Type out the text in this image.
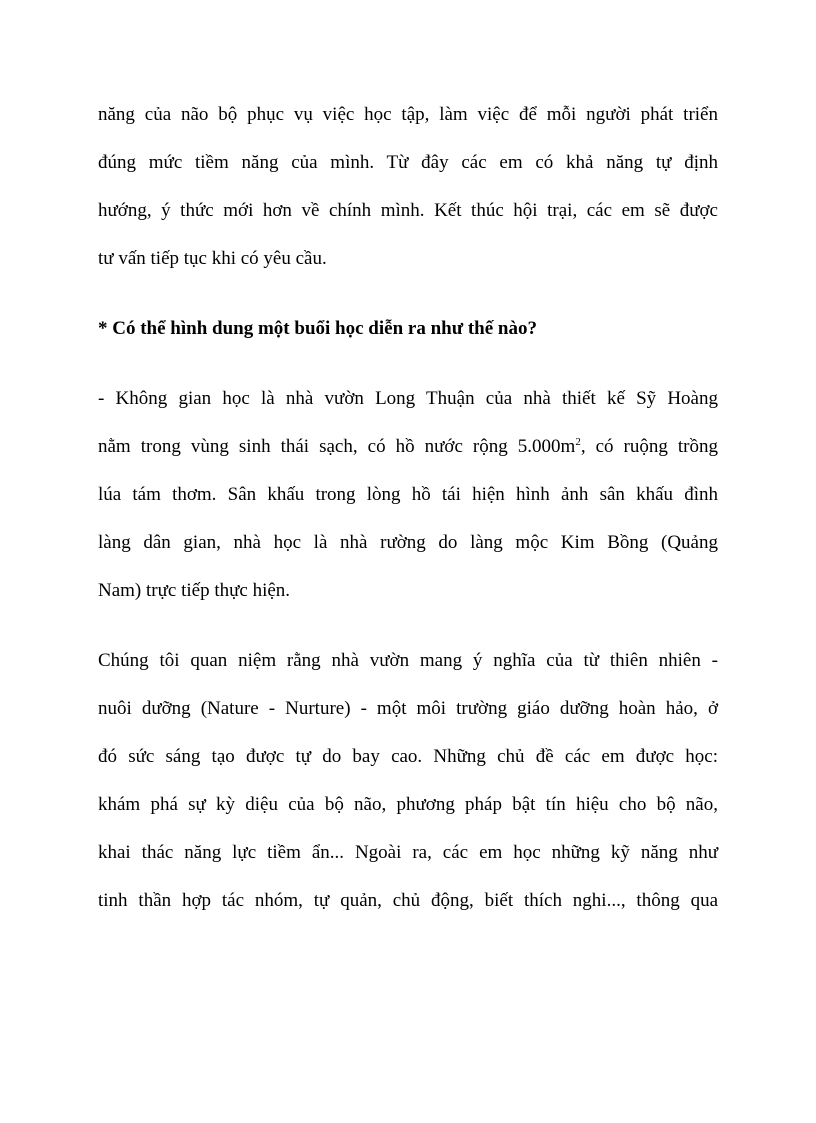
năng của não bộ phục vụ việc học tập, làm việc để mỗi người phát triển
đúng mức tiềm năng của mình. Từ đây các em có khả năng tự định
hướng, ý thức mới hơn về chính mình. Kết thúc hội trại, các em sẽ được
tư vấn tiếp tục khi có yêu cầu.

* Có thể hình dung một buổi học diễn ra như thế nào?

- Không gian học là nhà vườn Long Thuận của nhà thiết kế Sỹ Hoàng
nằm trong vùng sinh thái sạch, có hồ nước rộng $5.000m^2$, có ruộng trồng
lúa tám thơm. Sân khấu trong lòng hồ tái hiện hình ảnh sân khấu đình
làng dân gian, nhà học là nhà rường do làng mộc Kim Bồng (Quảng
Nam) trực tiếp thực hiện.

Chúng tôi quan niệm rằng nhà vườn mang ý nghĩa của từ thiên nhiên -
nuôi dưỡng (Nature - Nurture) - một môi trường giáo dưỡng hoàn hảo, ở
đó sức sáng tạo được tự do bay cao. Những chủ đề các em được học:
khám phá sự kỳ diệu của bộ não, phương pháp bật tín hiệu cho bộ não,
khai thác năng lực tiềm ẩn... Ngoài ra, các em học những kỹ năng như
tinh thần hợp tác nhóm, tự quản, chủ động, biết thích nghi..., thông qua
